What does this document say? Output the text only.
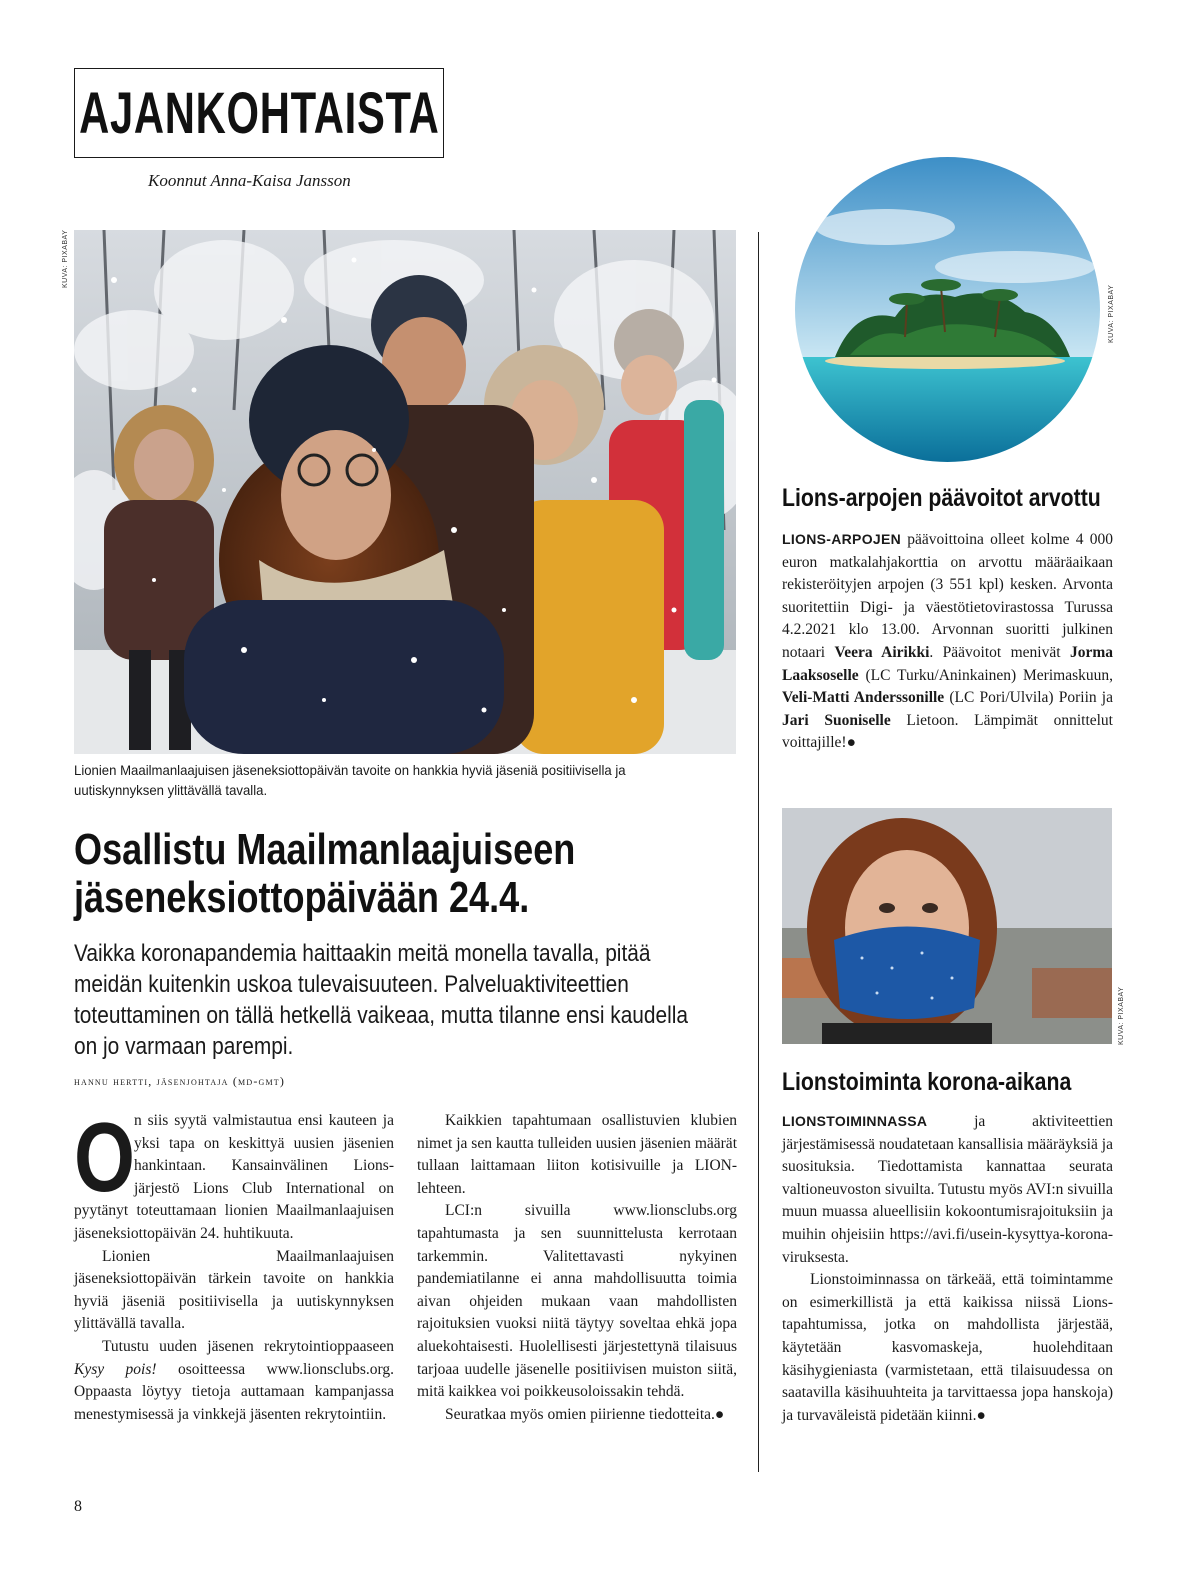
AJANKOHTAISTA
Koonnut Anna-Kaisa Jansson
KUVA: PIXABAY
Lionien Maailmanlaajuisen jäseneksiottopäivän tavoite on hankkia hyviä jäseniä positiivisella ja uutiskynnyksen ylittävällä tavalla.
Osallistu Maailmanlaajuiseen
jäseneksiottopäivään 24.4.
Vaikka koronapandemia haittaakin meitä monella tavalla, pitää meidän kuitenkin uskoa tulevaisuuteen. Palveluaktiviteettien toteuttaminen on tällä hetkellä vaikeaa, mutta tilanne ensi kaudella on jo varmaan parempi.
hannu hertti, jäsenjohtaja (md-gmt)

On siis syytä valmistautua ensi kauteen ja yksi tapa on keskittyä uusien jäsenien hankintaan. Kansainvälinen Lions-järjestö Lions Club International on pyytänyt toteuttamaan lionien Maailmanlaajuisen jäseneksiottopäivän 24. huhtikuuta.

Lionien Maailmanlaajuisen jäseneksiottopäivän tärkein tavoite on hankkia hyviä jäseniä positiivisella ja uutiskynnyksen ylittävällä tavalla.

Tutustu uuden jäsenen rekrytointioppaaseen Kysy pois! osoitteessa www.lionsclubs.org. Oppaasta löytyy tietoja auttamaan kampanjassa menestymisessä ja vinkkejä jäsenten rekrytointiin.

Kaikkien tapahtumaan osallistuvien klubien nimet ja sen kautta tulleiden uusien jäsenien määrät tullaan laittamaan liiton kotisivuille ja LION-lehteen.

LCI:n sivuilla www.lionsclubs.org tapahtumasta ja sen suunnittelusta kerrotaan tarkemmin. Valitettavasti nykyinen pandemiatilanne ei anna mahdollisuutta toimia aivan ohjeiden mukaan vaan mahdollisten rajoituksien vuoksi niitä täytyy soveltaa ehkä jopa aluekohtaisesti. Huolellisesti järjestettynä tilaisuus tarjoaa uudelle jäsenelle positiivisen muiston siitä, mitä kaikkea voi poikkeusoloissakin tehdä.

Seuratkaa myös omien piirienne tiedotteita.●

KUVA: PIXABAY
Lions-arpojen päävoitot arvottu

LIONS-ARPOJEN päävoittoina olleet kolme 4 000 euron matkalahjakorttia on arvottu määräaikaan rekisteröityjen arpojen (3 551 kpl) kesken. Arvonta suoritettiin Digi- ja väestötietovirastossa Turussa 4.2.2021 klo 13.00. Arvonnan suoritti julkinen notaari Veera Airikki. Päävoitot menivät Jorma Laaksoselle (LC Turku/Aninkainen) Merimaskuun, Veli-Matti Anderssonille (LC Pori/Ulvila) Poriin ja Jari Suoniselle Lietoon. Lämpimät onnittelut voittajille!●

KUVA: PIXABAY
Lionstoiminta korona-aikana

LIONSTOIMINNASSA ja aktiviteettien järjestämisessä noudatetaan kansallisia määräyksiä ja suosituksia. Tiedottamista kannattaa seurata valtioneuvoston sivuilta. Tutustu myös AVI:n sivuilla muun muassa alueellisiin kokoontumisrajoituksiin ja muihin ohjeisiin https://avi.fi/usein-kysyttya-korona-viruksesta.

Lionstoiminnassa on tärkeää, että toimintamme on esimerkillistä ja että kaikissa niissä Lions-tapahtumissa, jotka on mahdollista järjestää, käytetään kasvomaskeja, huolehditaan käsihygieniasta (varmistetaan, että tilaisuudessa on saatavilla käsihuuhteita ja tarvittaessa jopa hanskoja) ja turvaväleistä pidetään kiinni.●

8
